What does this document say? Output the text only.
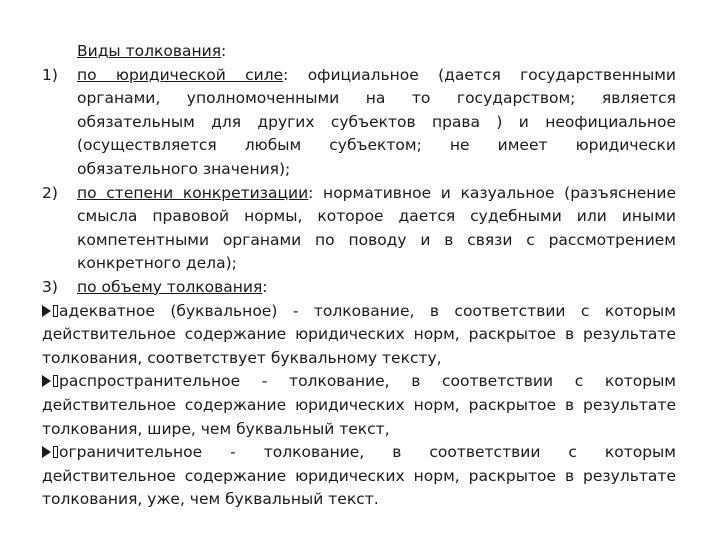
Виды толкования:
1) по юридической силе: официальное (дается государственными органами, уполномоченными на то государством; является обязательным для других субъектов права ) и неофициальное (осуществляется любым субъектом; не имеет юридически обязательного значения);
2) по степени конкретизации: нормативное и казуальное (разъяснение смысла правовой нормы, которое дается судебными или иными компетентными органами по поводу и в связи с рассмотрением конкретного дела);
3) по объему толкования:
адекватное (буквальное) - толкование, в соответствии с которым действительное содержание юридических норм, раскрытое в результате толкования, соответствует буквальному тексту,
распространительное - толкование, в соответствии с которым действительное содержание юридических норм, раскрытое в результате толкования, шире, чем буквальный текст,
ограничительное - толкование, в соответствии с которым действительное содержание юридических норм, раскрытое в результате толкования, уже, чем буквальный текст.
